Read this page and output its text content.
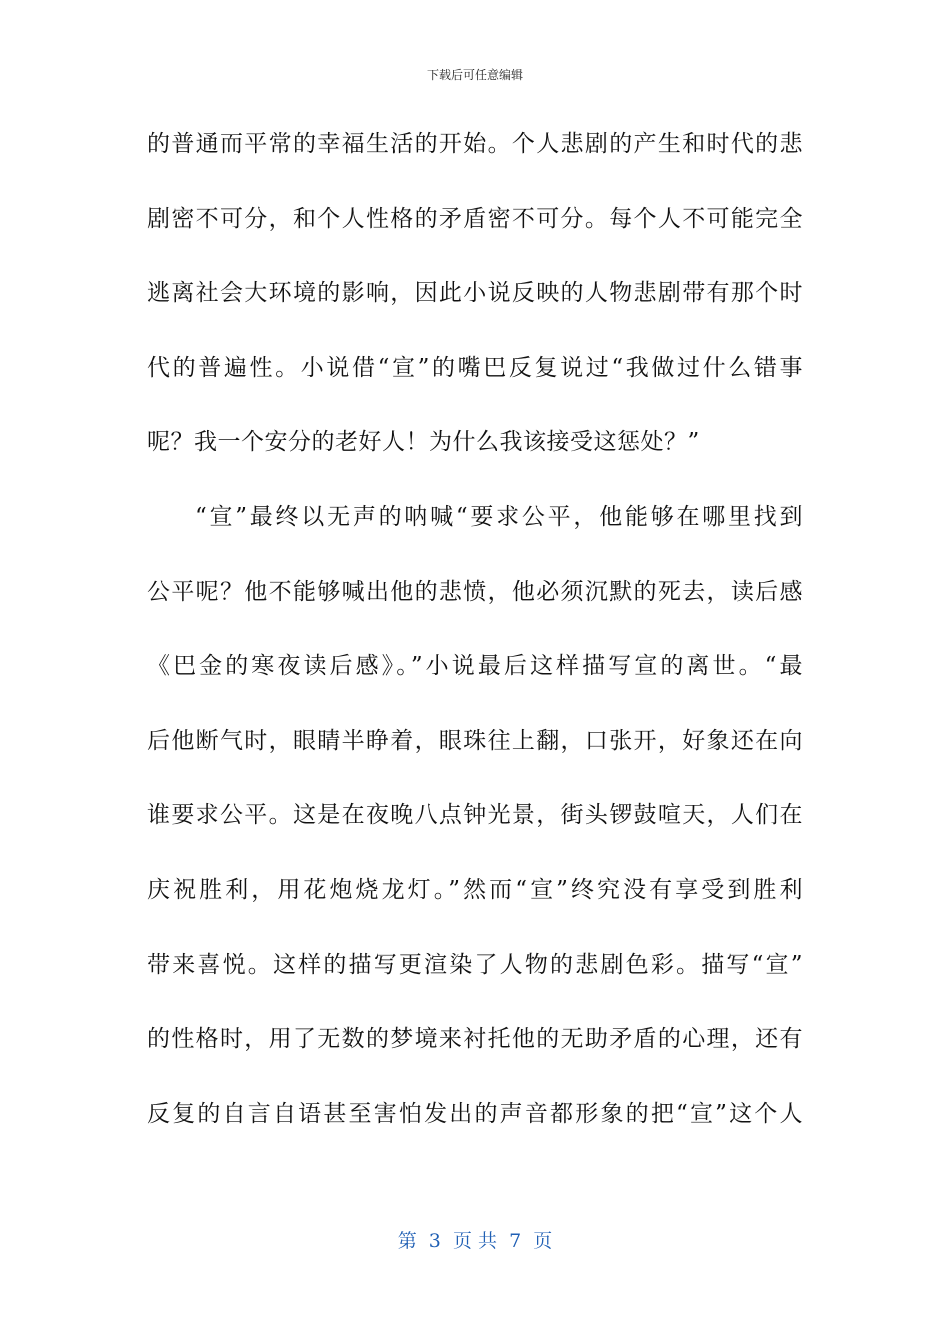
下载后可任意编辑
的普通而平常的幸福生活的开始。个人悲剧的产生和时代的悲
剧密不可分，和个人性格的矛盾密不可分。每个人不可能完全
逃离社会大环境的影响，因此小说反映的人物悲剧带有那个时
代的普遍性。小说借“宣”的嘴巴反复说过“我做过什么错事
呢？我一个安分的老好人！为什么我该接受这惩处？”
“宣”最终以无声的呐喊“要求公平，他能够在哪里找到
公平呢？他不能够喊出他的悲愤，他必须沉默的死去，读后感
《巴金的寒夜读后感》。”小说最后这样描写宣的离世。“最
后他断气时，眼睛半睁着，眼珠往上翻，口张开，好象还在向
谁要求公平。这是在夜晚八点钟光景，街头锣鼓喧天，人们在
庆祝胜利，用花炮烧龙灯。”然而“宣”终究没有享受到胜利
带来喜悦。这样的描写更渲染了人物的悲剧色彩。描写“宣”
的性格时，用了无数的梦境来衬托他的无助矛盾的心理，还有
反复的自言自语甚至害怕发出的声音都形象的把“宣”这个人
第  3  页 共  7  页
